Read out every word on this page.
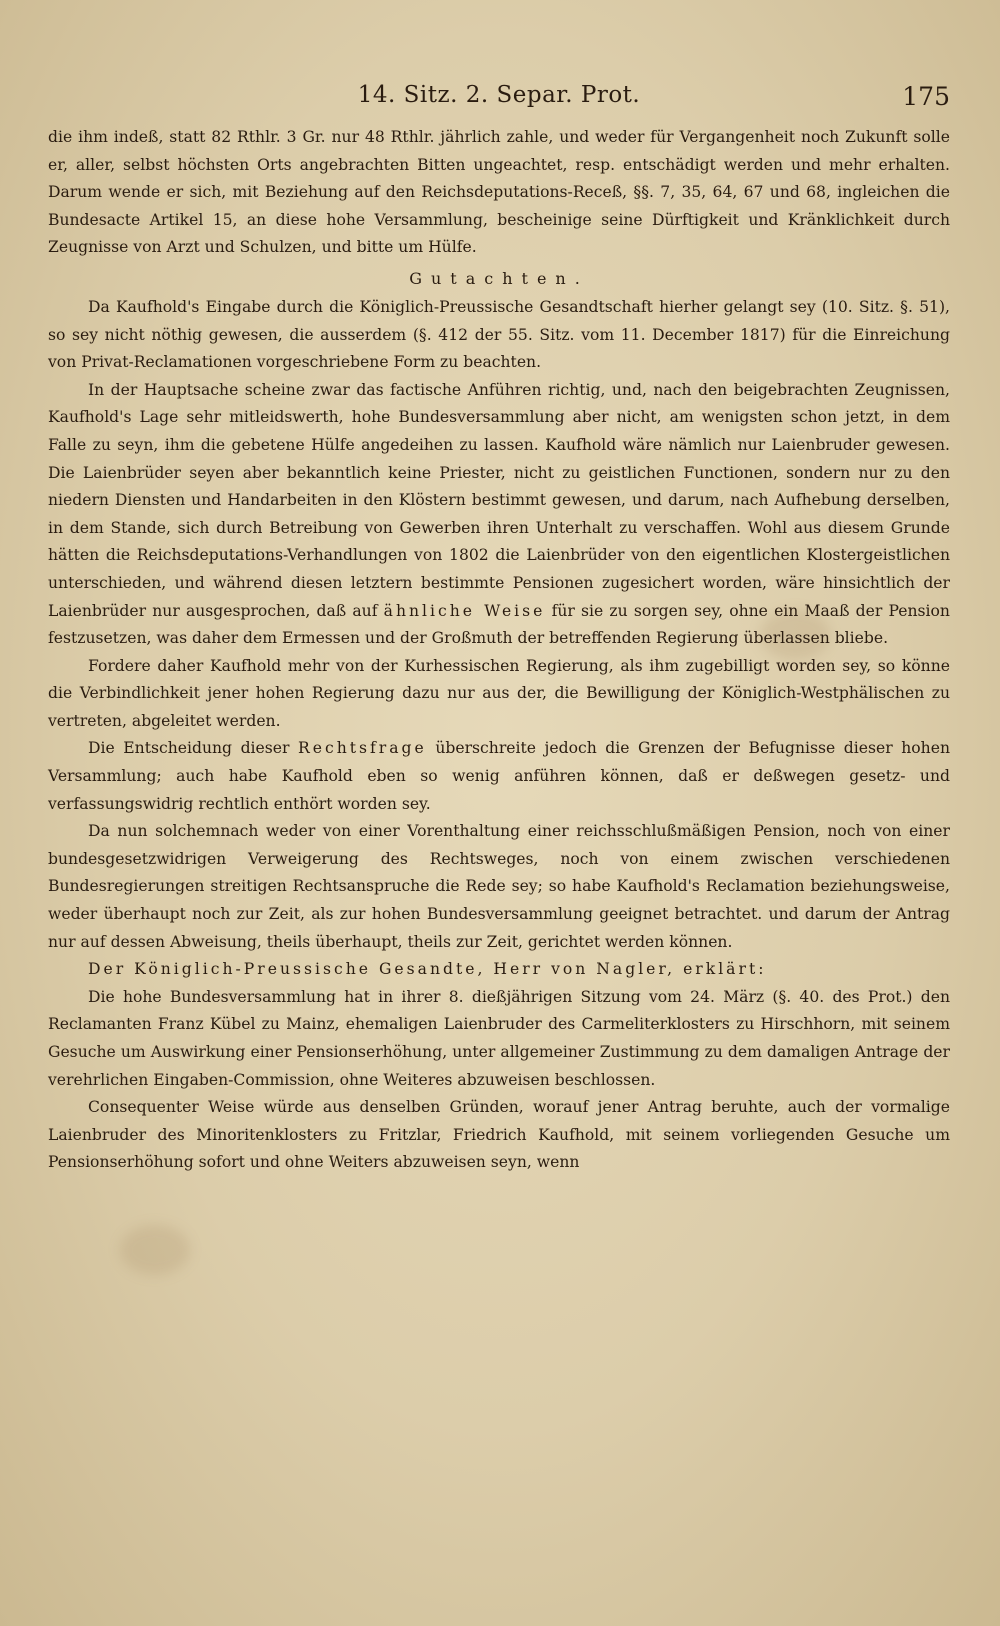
14. Sitz. 2. Separ. Prot.	175

die ihm indeß, statt 82 Rthlr. 3 Gr. nur 48 Rthlr. jährlich zahle, und weder für Vergangenheit noch Zukunft solle er, aller, selbst höchsten Orts angebrachten Bitten ungeachtet, resp. entschädigt werden und mehr erhalten. Darum wende er sich, mit Beziehung auf den Reichsdeputations-Receß, §§. 7, 35, 64, 67 und 68, ingleichen die Bundesacte Artikel 15, an diese hohe Versammlung, bescheinige seine Dürftigkeit und Kränklichkeit durch Zeugnisse von Arzt und Schulzen, und bitte um Hülfe.

Gutachten.

Da Kaufhold's Eingabe durch die Königlich-Preussische Gesandtschaft hierher gelangt sey (10. Sitz. §. 51), so sey nicht nöthig gewesen, die ausserdem (§. 412 der 55. Sitz. vom 11. December 1817) für die Einreichung von Privat-Reclamationen vorgeschriebene Form zu beachten.

In der Hauptsache scheine zwar das factische Anführen richtig, und, nach den beigebrachten Zeugnissen, Kaufhold's Lage sehr mitleidswerth, hohe Bundesversammlung aber nicht, am wenigsten schon jetzt, in dem Falle zu seyn, ihm die gebetene Hülfe angedeihen zu lassen. Kaufhold wäre nämlich nur Laienbruder gewesen. Die Laienbrüder seyen aber bekanntlich keine Priester, nicht zu geistlichen Functionen, sondern nur zu den niedern Diensten und Handarbeiten in den Klöstern bestimmt gewesen, und darum, nach Aufhebung derselben, in dem Stande, sich durch Betreibung von Gewerben ihren Unterhalt zu verschaffen. Wohl aus diesem Grunde hätten die Reichsdeputations-Verhandlungen von 1802 die Laienbrüder von den eigentlichen Klostergeistlichen unterschieden, und während diesen letztern bestimmte Pensionen zugesichert worden, wäre hinsichtlich der Laienbrüder nur ausgesprochen, daß auf ähnliche Weise für sie zu sorgen sey, ohne ein Maaß der Pension festzusetzen, was daher dem Ermessen und der Großmuth der betreffenden Regierung überlassen bliebe.

Fordere daher Kaufhold mehr von der Kurhessischen Regierung, als ihm zugebilligt worden sey, so könne die Verbindlichkeit jener hohen Regierung dazu nur aus der, die Bewilligung der Königlich-Westphälischen zu vertreten, abgeleitet werden.

Die Entscheidung dieser Rechtsfrage überschreite jedoch die Grenzen der Befugnisse dieser hohen Versammlung; auch habe Kaufhold eben so wenig anführen können, daß er deßwegen gesetz- und verfassungswidrig rechtlich enthört worden sey.

Da nun solchemnach weder von einer Vorenthaltung einer reichsschlußmäßigen Pension, noch von einer bundesgesetzwidrigen Verweigerung des Rechtsweges, noch von einem zwischen verschiedenen Bundesregierungen streitigen Rechtsanspruche die Rede sey; so habe Kaufhold's Reclamation beziehungsweise, weder überhaupt noch zur Zeit, als zur hohen Bundesversammlung geeignet betrachtet. und darum der Antrag nur auf dessen Abweisung, theils überhaupt, theils zur Zeit, gerichtet werden können.

Der Königlich-Preussische Gesandte, Herr von Nagler, erklärt:

Die hohe Bundesversammlung hat in ihrer 8. dießjährigen Sitzung vom 24. März (§. 40. des Prot.) den Reclamanten Franz Kübel zu Mainz, ehemaligen Laienbruder des Carmeliterklosters zu Hirschhorn, mit seinem Gesuche um Auswirkung einer Pensionserhöhung, unter allgemeiner Zustimmung zu dem damaligen Antrage der verehrlichen Eingaben-Commission, ohne Weiteres abzuweisen beschlossen.

Consequenter Weise würde aus denselben Gründen, worauf jener Antrag beruhte, auch der vormalige Laienbruder des Minoritenklosters zu Fritzlar, Friedrich Kaufhold, mit seinem vorliegenden Gesuche um Pensionserhöhung sofort und ohne Weiters abzuweisen seyn, wenn
